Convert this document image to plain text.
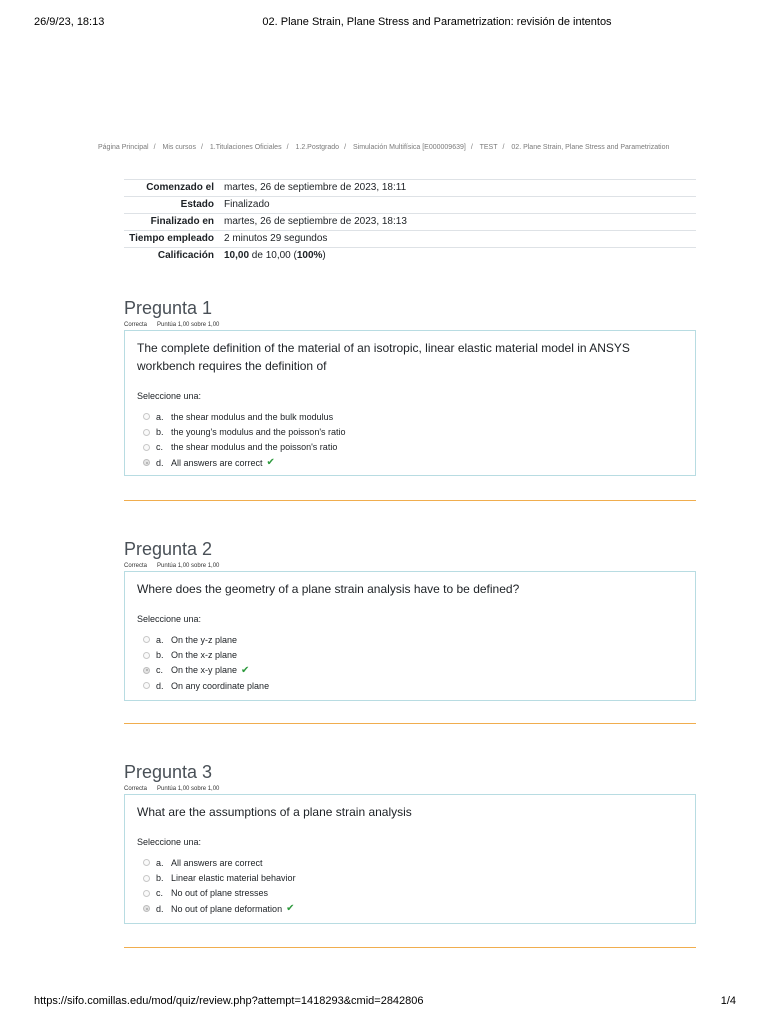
26/9/23, 18:13	02. Plane Strain, Plane Stress and Parametrization: revisión de intentos
Página Principal / Mis cursos / 1.Titulaciones Oficiales / 1.2.Postgrado / Simulación Multifísica [E000009639] / TEST / 02. Plane Strain, Plane Stress and Parametrization
Comenzado el	martes, 26 de septiembre de 2023, 18:11
Estado	Finalizado
Finalizado en	martes, 26 de septiembre de 2023, 18:13
Tiempo empleado	2 minutos 29 segundos
Calificación	10,00 de 10,00 (100%)
Pregunta 1
Correcta Puntúa 1,00 sobre 1,00

The complete definition of the material of an isotropic, linear elastic material model in ANSYS workbench requires the definition of

Seleccione una:
a. the shear modulus and the bulk modulus
b. the young's modulus and the poisson's ratio
c. the shear modulus and the poisson's ratio
d. All answers are correct ✔
Pregunta 2
Correcta Puntúa 1,00 sobre 1,00

Where does the geometry of a plane strain analysis have to be defined?

Seleccione una:
a. On the y-z plane
b. On the x-z plane
c. On the x-y plane ✔
d. On any coordinate plane
Pregunta 3
Correcta Puntúa 1,00 sobre 1,00

What are the assumptions of a plane strain analysis

Seleccione una:
a. All answers are correct
b. Linear elastic material behavior
c. No out of plane stresses
d. No out of plane deformation ✔
https://sifo.comillas.edu/mod/quiz/review.php?attempt=1418293&cmid=2842806	1/4
